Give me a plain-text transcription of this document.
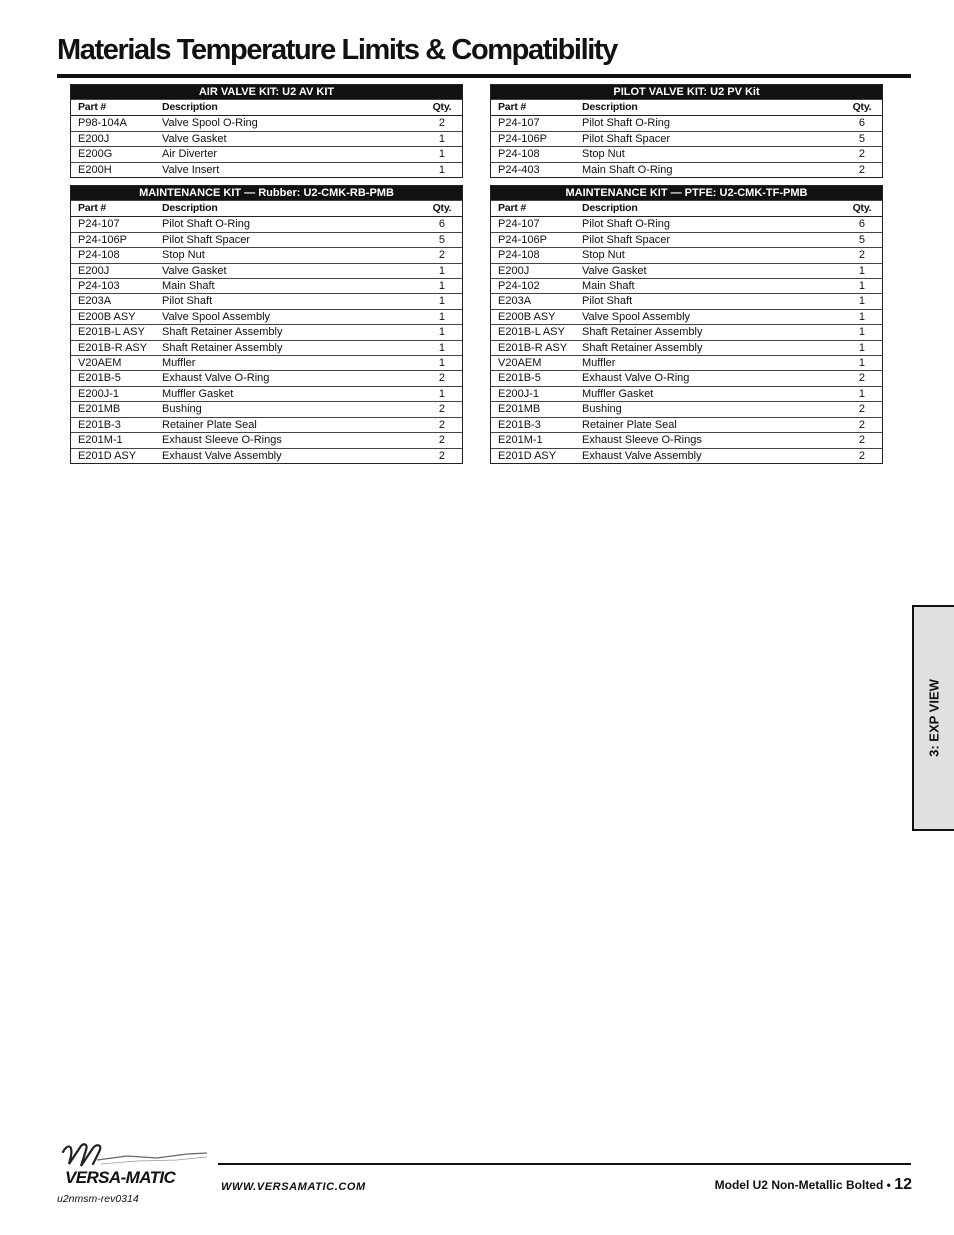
Materials Temperature Limits & Compatibility
AIR VALVE KIT: U2 AV KIT		
Part #	Description	Qty.
P98-104A	Valve Spool O-Ring	2
E200J	Valve Gasket	1
E200G	Air Diverter	1
E200H	Valve Insert	1
PILOT VALVE KIT: U2 PV Kit		
Part #	Description	Qty.
P24-107	Pilot Shaft O-Ring	6
P24-106P	Pilot Shaft Spacer	5
P24-108	Stop Nut	2
P24-403	Main Shaft O-Ring	2
MAINTENANCE KIT — Rubber: U2-CMK-RB-PMB		
Part #	Description	Qty.
P24-107	Pilot Shaft O-Ring	6
P24-106P	Pilot Shaft Spacer	5
P24-108	Stop Nut	2
E200J	Valve Gasket	1
P24-103	Main Shaft	1
E203A	Pilot Shaft	1
E200B ASY	Valve Spool Assembly	1
E201B-L ASY	Shaft Retainer Assembly	1
E201B-R ASY	Shaft Retainer Assembly	1
V20AEM	Muffler	1
E201B-5	Exhaust Valve O-Ring	2
E200J-1	Muffler Gasket	1
E201MB	Bushing	2
E201B-3	Retainer Plate Seal	2
E201M-1	Exhaust Sleeve O-Rings	2
E201D ASY	Exhaust Valve Assembly	2
MAINTENANCE KIT — PTFE: U2-CMK-TF-PMB		
Part #	Description	Qty.
P24-107	Pilot Shaft O-Ring	6
P24-106P	Pilot Shaft Spacer	5
P24-108	Stop Nut	2
E200J	Valve Gasket	1
P24-102	Main Shaft	1
E203A	Pilot Shaft	1
E200B ASY	Valve Spool Assembly	1
E201B-L ASY	Shaft Retainer Assembly	1
E201B-R ASY	Shaft Retainer Assembly	1
V20AEM	Muffler	1
E201B-5	Exhaust Valve O-Ring	2
E200J-1	Muffler Gasket	1
E201MB	Bushing	2
E201B-3	Retainer Plate Seal	2
E201M-1	Exhaust Sleeve O-Rings	2
E201D ASY	Exhaust Valve Assembly	2
3: EXP VIEW
VERSA-MATIC
u2nmsm-rev0314
WWW.VERSAMATIC.COM	Model U2 Non-Metallic Bolted • 12
